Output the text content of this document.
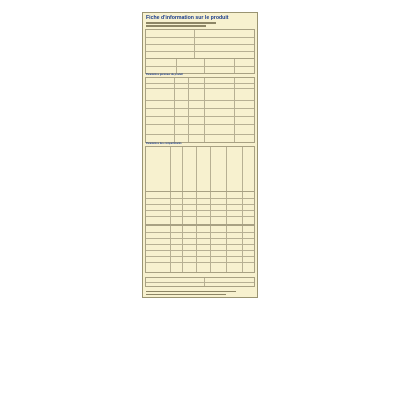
Fiche d'information sur le produit
Paramètres généraux du produit
Paramètres des compartiments
